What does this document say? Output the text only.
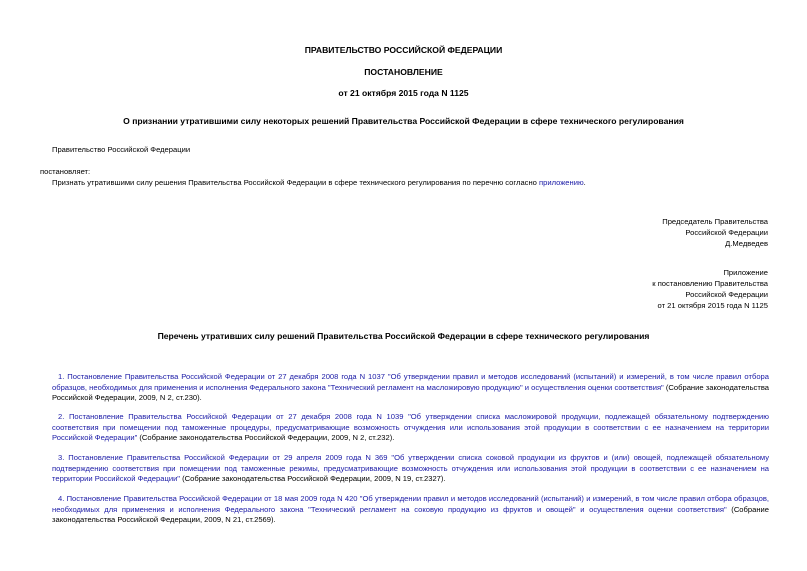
ПРАВИТЕЛЬСТВО РОССИЙСКОЙ ФЕДЕРАЦИИ
ПОСТАНОВЛЕНИЕ
от 21 октября 2015 года N 1125
О признании утратившими силу некоторых решений Правительства Российской Федерации в сфере технического регулирования
Правительство Российской Федерации
постановляет:
Признать утратившими силу решения Правительства Российской Федерации в сфере технического регулирования по перечню согласно приложению.
Председатель Правительства
Российской Федерации
Д.Медведев
Приложение
к постановлению Правительства
Российской Федерации
от 21 октября 2015 года N 1125
Перечень утративших силу решений Правительства Российской Федерации в сфере технического регулирования
1. Постановление Правительства Российской Федерации от 27 декабря 2008 года N 1037 "Об утверждении правил и методов исследований (испытаний) и измерений, в том числе правил отбора образцов, необходимых для применения и исполнения Федерального закона "Технический регламент на масложировую продукцию" и осуществления оценки соответствия" (Собрание законодательства Российской Федерации, 2009, N 2, ст.230).
2. Постановление Правительства Российской Федерации от 27 декабря 2008 года N 1039 "Об утверждении списка масложировой продукции, подлежащей обязательному подтверждению соответствия при помещении под таможенные процедуры, предусматривающие возможность отчуждения или использования этой продукции в соответствии с ее назначением на территории Российской Федерации" (Собрание законодательства Российской Федерации, 2009, N 2, ст.232).
3. Постановление Правительства Российской Федерации от 29 апреля 2009 года N 369 "Об утверждении списка соковой продукции из фруктов и (или) овощей, подлежащей обязательному подтверждению соответствия при помещении под таможенные режимы, предусматривающие возможность отчуждения или использования этой продукции в соответствии с ее назначением на территории Российской Федерации" (Собрание законодательства Российской Федерации, 2009, N 19, ст.2327).
4. Постановление Правительства Российской Федерации от 18 мая 2009 года N 420 "Об утверждении правил и методов исследований (испытаний) и измерений, в том числе правил отбора образцов, необходимых для применения и исполнения Федерального закона "Технический регламент на соковую продукцию из фруктов и овощей" и осуществления оценки соответствия" (Собрание законодательства Российской Федерации, 2009, N 21, ст.2569).
